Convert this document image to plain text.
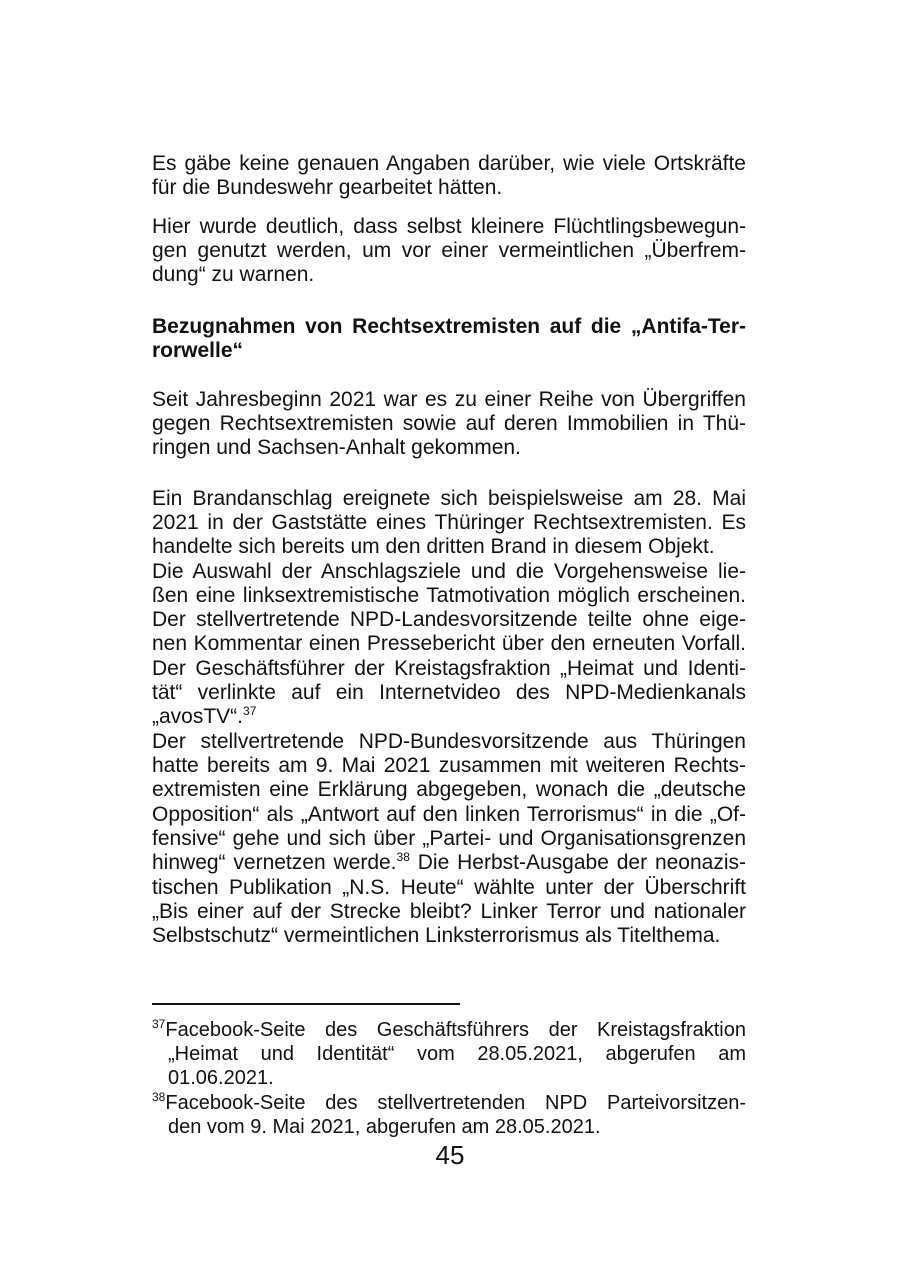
Es gäbe keine genauen Angaben darüber, wie viele Ortskräfte
für die Bundeswehr gearbeitet hätten.
Hier wurde deutlich, dass selbst kleinere Flüchtlingsbewegun-
gen genutzt werden, um vor einer vermeintlichen „Überfrem-
dung“ zu warnen.
Bezugnahmen von Rechtsextremisten auf die „Antifa-Ter-
rorwelle“
Seit Jahresbeginn 2021 war es zu einer Reihe von Übergriffen
gegen Rechtsextremisten sowie auf deren Immobilien in Thü-
ringen und Sachsen-Anhalt gekommen.
Ein Brandanschlag ereignete sich beispielsweise am 28. Mai
2021 in der Gaststätte eines Thüringer Rechtsextremisten. Es
handelte sich bereits um den dritten Brand in diesem Objekt.
Die Auswahl der Anschlagsziele und die Vorgehensweise lie-
ßen eine linksextremistische Tatmotivation möglich erscheinen.
Der stellvertretende NPD-Landesvorsitzende teilte ohne eige-
nen Kommentar einen Pressebericht über den erneuten Vorfall.
Der Geschäftsführer der Kreistagsfraktion „Heimat und Identi-
tät“ verlinkte auf ein Internetvideo des NPD-Medienkanals
„avosTV“.$^{37}$
Der stellvertretende NPD-Bundesvorsitzende aus Thüringen
hatte bereits am 9. Mai 2021 zusammen mit weiteren Rechts-
extremisten eine Erklärung abgegeben, wonach die „deutsche
Opposition“ als „Antwort auf den linken Terrorismus“ in die „Of-
fensive“ gehe und sich über „Partei- und Organisationsgrenzen
hinweg“ vernetzen werde.$^{38}$ Die Herbst-Ausgabe der neonazis-
tischen Publikation „N.S. Heute“ wählte unter der Überschrift
„Bis einer auf der Strecke bleibt? Linker Terror und nationaler
Selbstschutz“ vermeintlichen Linksterrorismus als Titelthema.
$^{37}$Facebook-Seite des Geschäftsführers der Kreistagsfraktion
„Heimat und Identität“ vom 28.05.2021, abgerufen am
01.06.2021.
$^{38}$Facebook-Seite des stellvertretenden NPD Parteivorsitzen-
den vom 9. Mai 2021, abgerufen am 28.05.2021.
45
